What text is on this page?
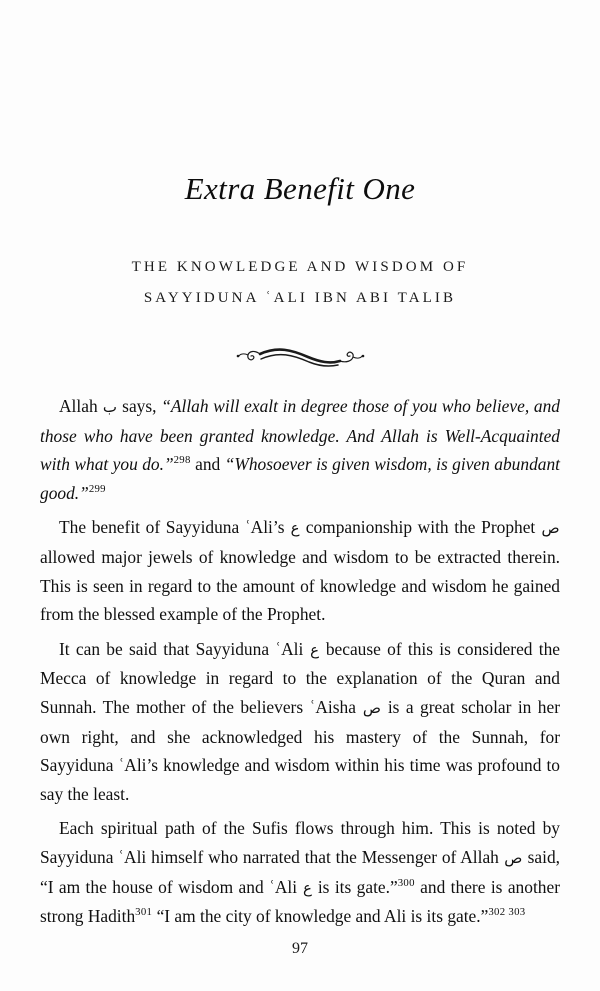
Extra Benefit One
THE KNOWLEDGE AND WISDOM OF
SAYYIDUNA ʿALI IBN ABI TALIB

Allah ب says, “Allah will exalt in degree those of you who believe, and those who have been granted knowledge. And Allah is Well-Acquainted with what you do.”$^{298}$ and “Whosoever is given wisdom, is given abundant good.”$^{299}$

The benefit of Sayyiduna ʿAli’s ع companionship with the Prophet ص allowed major jewels of knowledge and wisdom to be extracted therein. This is seen in regard to the amount of knowledge and wisdom he gained from the blessed example of the Prophet.

It can be said that Sayyiduna ʿAli ع because of this is considered the Mecca of knowledge in regard to the explanation of the Quran and Sunnah. The mother of the believers ʿAisha ص is a great scholar in her own right, and she acknowledged his mastery of the Sunnah, for Sayyiduna ʿAli’s knowledge and wisdom within his time was profound to say the least.

Each spiritual path of the Sufis flows through him. This is noted by Sayyiduna ʿAli himself who narrated that the Messenger of Allah ص said, “I am the house of wisdom and ʿAli ع is its gate.”$^{300}$ and there is another strong Hadith$^{301}$ “I am the city of knowledge and Ali is its gate.”$^{302 303}$

97
